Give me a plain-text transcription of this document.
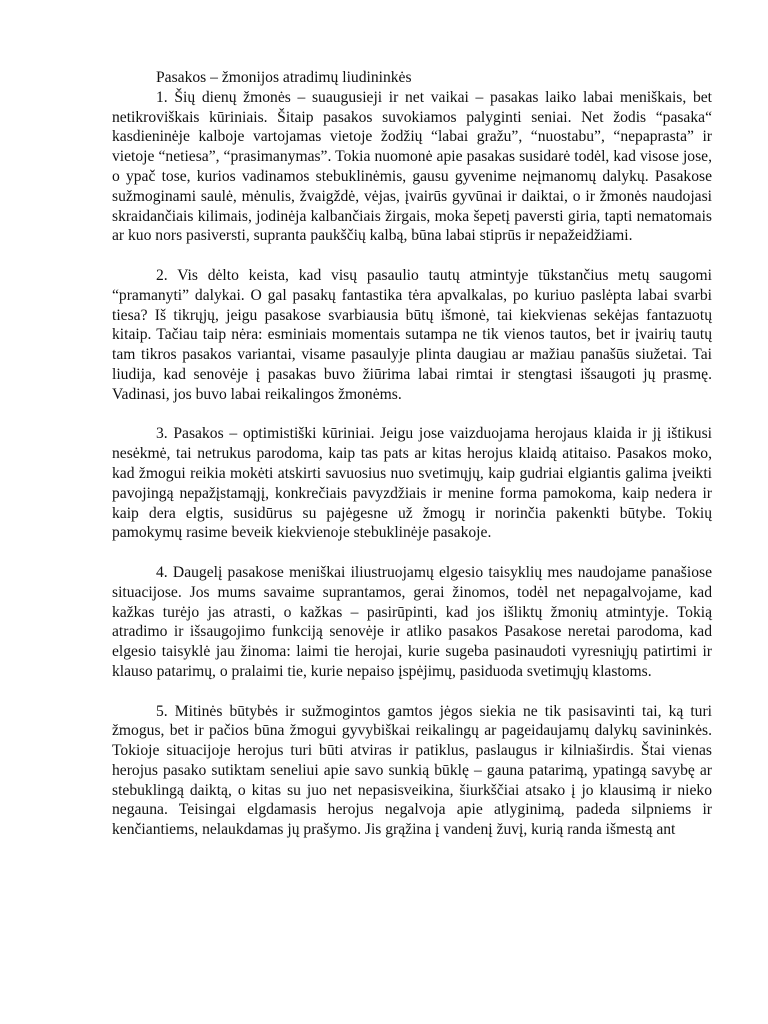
Pasakos – žmonijos atradimų liudininkės

1. Šių dienų žmonės – suaugusieji ir net vaikai – pasakas laiko labai meniškais, bet netikroviškais kūriniais. Šitaip pasakos suvokiamos palyginti seniai. Net žodis “pasaka“ kasdieninėje kalboje vartojamas vietoje žodžių “labai gražu”, “nuostabu”, “nepaprasta” ir vietoje “netiesa”, “prasimanymas”. Tokia nuomonė apie pasakas susidarė todėl, kad visose jose, o ypač tose, kurios vadinamos stebuklinėmis, gausu gyvenime neįmanomų dalykų. Pasakose sužmoginami saulė, mėnulis, žvaigždė, vėjas, įvairūs gyvūnai ir daiktai, o ir žmonės naudojasi skraidančiais kilimais, jodinėja kalbančiais žirgais, moka šepetį paversti giria, tapti nematomais ar kuo nors pasiversti, supranta paukščių kalbą, būna labai stiprūs ir nepažeidžiami.

2. Vis dėlto keista, kad visų pasaulio tautų atmintyje tūkstančius metų saugomi “pramanyti” dalykai. O gal pasakų fantastika tėra apvalkalas, po kuriuo paslėpta labai svarbi tiesa? Iš tikrųjų, jeigu pasakose svarbiausia būtų išmonė, tai kiekvienas sekėjas fantazuotų kitaip. Tačiau taip nėra: esminiais momentais sutampa ne tik vienos tautos, bet ir įvairių tautų tam tikros pasakos variantai, visame pasaulyje plinta daugiau ar mažiau panašūs siužetai. Tai liudija, kad senovėje į pasakas buvo žiūrima labai rimtai ir stengtasi išsaugoti jų prasmę. Vadinasi, jos buvo labai reikalingos žmonėms.

3. Pasakos – optimistiški kūriniai. Jeigu jose vaizduojama herojaus klaida ir jį ištikusi nesėkmė, tai netrukus parodoma, kaip tas pats ar kitas herojus klaidą atitaiso. Pasakos moko, kad žmogui reikia mokėti atskirti savuosius nuo svetimųjų, kaip gudriai elgiantis galima įveikti pavojingą nepažįstamąjį, konkrečiais pavyzdžiais ir menine forma pamokoma, kaip nedera ir kaip dera elgtis, susidūrus su pajėgesne už žmogų ir norinčia pakenkti būtybe. Tokių pamokymų rasime beveik kiekvienoje stebuklinėje pasakoje.

4. Daugelį pasakose meniškai iliustruojamų elgesio taisyklių mes naudojame panašiose situacijose. Jos mums savaime suprantamos, gerai žinomos, todėl net nepagalvojame, kad kažkas turėjo jas atrasti, o kažkas – pasirūpinti, kad jos išliktų žmonių atmintyje. Tokią atradimo ir išsaugojimo funkciją senovėje ir atliko pasakos Pasakose neretai parodoma, kad elgesio taisyklė jau žinoma: laimi tie herojai, kurie sugeba pasinaudoti vyresniųjų patirtimi ir klauso patarimų, o pralaimi tie, kurie nepaiso įspėjimų, pasiduoda svetimųjų klastoms.

5. Mitinės būtybės ir sužmogintos gamtos jėgos siekia ne tik pasisavinti tai, ką turi žmogus, bet ir pačios būna žmogui gyvybiškai reikalingų ar pageidaujamų dalykų savininkės. Tokioje situacijoje herojus turi būti atviras ir patiklus, paslaugus ir kilniaširdis. Štai vienas herojus pasako sutiktam seneliui apie savo sunkią būklę – gauna patarimą, ypatingą savybę ar stebuklingą daiktą, o kitas su juo net nepasisveikina, šiurkščiai atsako į jo klausimą ir nieko negauna. Teisingai elgdamasis herojus negalvoja apie atlyginimą, padeda silpniems ir kenčiantiems, nelaukdamas jų prašymo. Jis grąžina į vandenį žuvį, kurią randa išmestą ant
